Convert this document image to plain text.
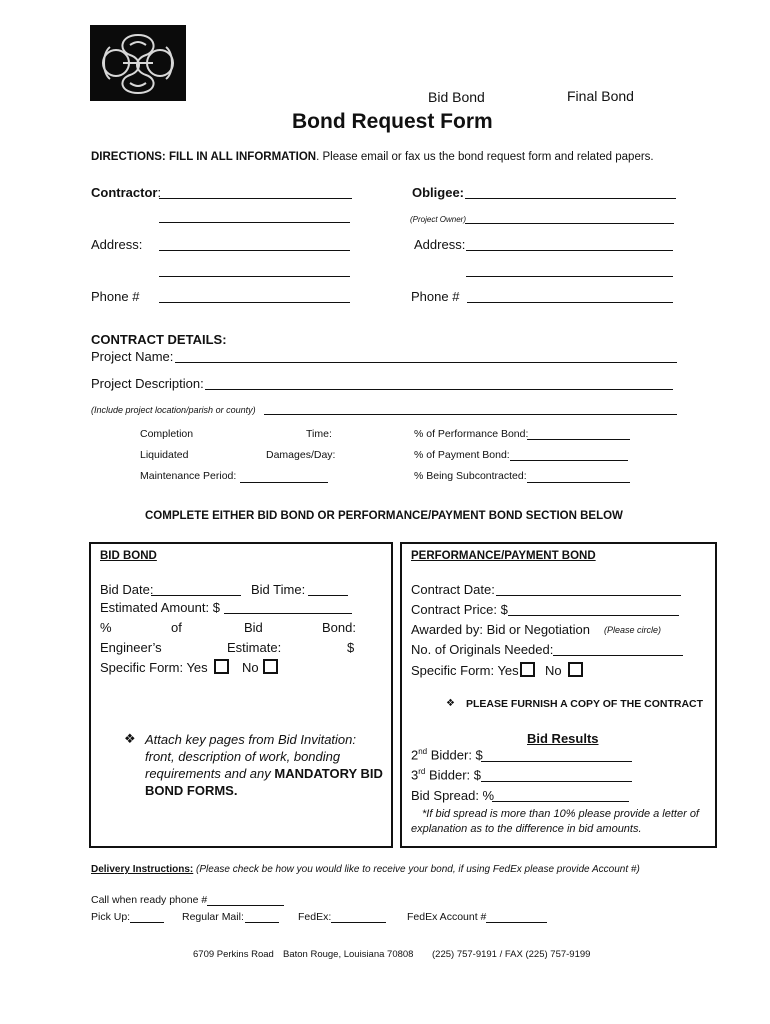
Bid Bond	Final Bond
Bond Request Form
DIRECTIONS: FILL IN ALL INFORMATION. Please email or fax us the bond request form and related papers.
Contractor:	Obligee:
(Project Owner)
Address:	Address:
Phone #	Phone #
CONTRACT DETAILS:
Project Name:
Project Description:
(Include project location/parish or county)
Completion	Time:	% of Performance Bond:
Liquidated	Damages/Day:	% of Payment Bond:
Maintenance Period:	% Being Subcontracted:
COMPLETE EITHER BID BOND OR PERFORMANCE/PAYMENT BOND SECTION BELOW
BID BOND
Bid Date:	Bid Time:
Estimated Amount: $
%	of	Bid	Bond:
Engineer’s	Estimate:	$
Specific Form: Yes	No
❖ Attach key pages from Bid Invitation:
front, description of work, bonding
requirements and any MANDATORY BID
BOND FORMS.
PERFORMANCE/PAYMENT BOND
Contract Date:
Contract Price: $
Awarded by: Bid or Negotiation (Please circle)
No. of Originals Needed:
Specific Form: Yes	No
❖ PLEASE FURNISH A COPY OF THE CONTRACT
Bid Results
2nd Bidder: $
3rd Bidder: $
Bid Spread: %
*If bid spread is more than 10% please provide a letter of
explanation as to the difference in bid amounts.
Delivery Instructions: (Please check be how you would like to receive your bond, if using FedEx please provide Account #)
Call when ready phone #
Pick Up:	Regular Mail:	FedEx:	FedEx Account #
6709 Perkins Road Baton Rouge, Louisiana 70808 (225) 757-9191 / FAX (225) 757-9199
